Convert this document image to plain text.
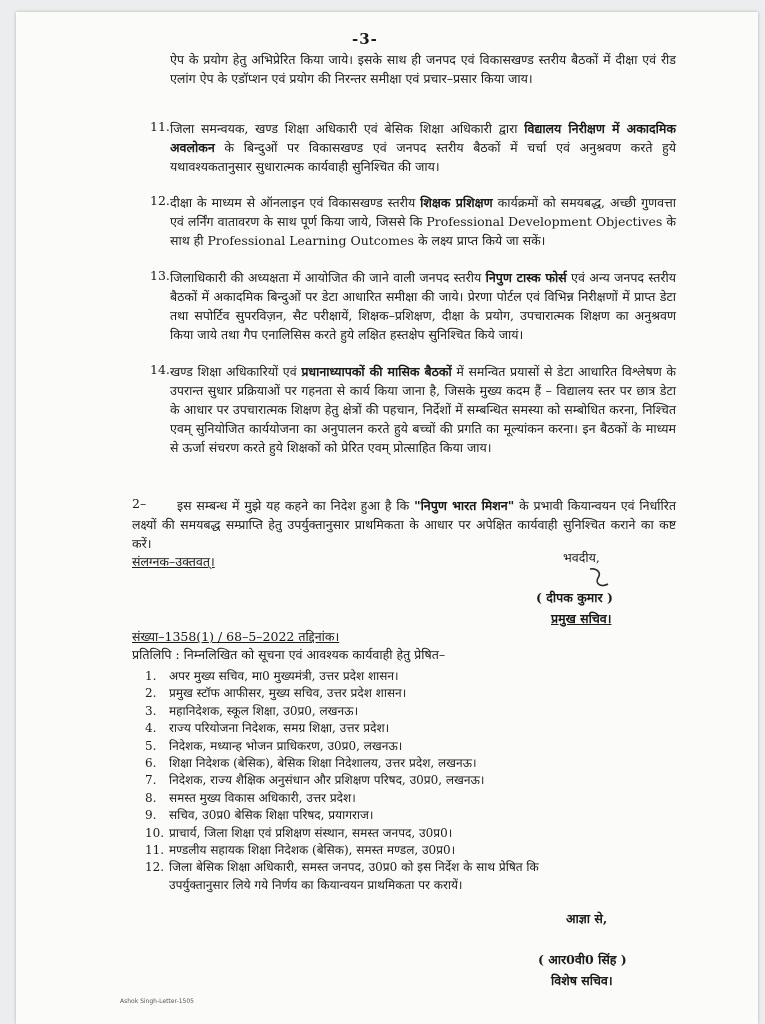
-3-
ऐप के प्रयोग हेतु अभिप्रेरित किया जाये। इसके साथ ही जनपद एवं विकासखण्ड स्तरीय बैठकों में दीक्षा एवं रीड एलांग ऐप के एडॉप्शन एवं प्रयोग की निरन्तर समीक्षा एवं प्रचार–प्रसार किया जाय।
11. जिला समन्वयक, खण्ड शिक्षा अधिकारी एवं बेसिक शिक्षा अधिकारी द्वारा विद्यालय निरीक्षण में अकादमिक अवलोकन के बिन्दुओं पर विकासखण्ड एवं जनपद स्तरीय बैठकों में चर्चा एवं अनुश्रवण करते हुये यथावश्यकतानुसार सुधारात्मक कार्यवाही सुनिश्चित की जाय।
12. दीक्षा के माध्यम से ऑनलाइन एवं विकासखण्ड स्तरीय शिक्षक प्रशिक्षण कार्यक्रमों को समयबद्ध, अच्छी गुणवत्ता एवं लर्निंग वातावरण के साथ पूर्ण किया जाये, जिससे कि Professional Development Objectives के साथ ही Professional Learning Outcomes के लक्ष्य प्राप्त किये जा सकें।
13. जिलाधिकारी की अध्यक्षता में आयोजित की जाने वाली जनपद स्तरीय निपुण टास्क फोर्स एवं अन्य जनपद स्तरीय बैठकों में अकादमिक बिन्दुओं पर डेटा आधारित समीक्षा की जाये। प्रेरणा पोर्टल एवं विभिन्न निरीक्षणों में प्राप्त डेटा तथा सपोर्टिव सुपरविज़न, सैट परीक्षायें, शिक्षक–प्रशिक्षण, दीक्षा के प्रयोग, उपचारात्मक शिक्षण का अनुश्रवण किया जाये तथा गैप एनालिसिस करते हुये लक्षित हस्तक्षेप सुनिश्चित किये जायं।
14. खण्ड शिक्षा अधिकारियों एवं प्रधानाध्यापकों की मासिक बैठकों में समन्वित प्रयासों से डेटा आधारित विश्लेषण के उपरान्त सुधार प्रक्रियाओं पर गहनता से कार्य किया जाना है, जिसके मुख्य कदम हैं – विद्यालय स्तर पर छात्र डेटा के आधार पर उपचारात्मक शिक्षण हेतु क्षेत्रों की पहचान, निर्देशों में सम्बन्धित समस्या को सम्बोधित करना, निश्चित एवम् सुनियोजित कार्ययोजना का अनुपालन करते हुये बच्चों की प्रगति का मूल्यांकन करना। इन बैठकों के माध्यम से ऊर्जा संचरण करते हुये शिक्षकों को प्रेरित एवम् प्रोत्साहित किया जाय।
2–	इस सम्बन्ध में मुझे यह कहने का निदेश हुआ है कि "निपुण भारत मिशन" के प्रभावी कियान्वयन एवं निर्धारित लक्ष्यों की समयबद्ध सम्प्राप्ति हेतु उपर्युक्तानुसार प्राथमिकता के आधार पर अपेक्षित कार्यवाही सुनिश्चित कराने का कष्ट करें।
संलग्नक–उक्तवत्।	भवदीय,
( दीपक कुमार )
प्रमुख सचिव।
संख्या–1358(1) / 68–5–2022 तद्दिनांक।
प्रतिलिपि : निम्नलिखित को सूचना एवं आवश्यक कार्यवाही हेतु प्रेषित–
1. अपर मुख्य सचिव, मा0 मुख्यमंत्री, उत्तर प्रदेश शासन।
2. प्रमुख स्टॉफ आफीसर, मुख्य सचिव, उत्तर प्रदेश शासन।
3. महानिदेशक, स्कूल शिक्षा, उ0प्र0, लखनऊ।
4. राज्य परियोजना निदेशक, समग्र शिक्षा, उत्तर प्रदेश।
5. निदेशक, मध्यान्ह भोजन प्राधिकरण, उ0प्र0, लखनऊ।
6. शिक्षा निदेशक (बेसिक), बेसिक शिक्षा निदेशालय, उत्तर प्रदेश, लखनऊ।
7. निदेशक, राज्य शैक्षिक अनुसंधान और प्रशिक्षण परिषद, उ0प्र0, लखनऊ।
8. समस्त मुख्य विकास अधिकारी, उत्तर प्रदेश।
9. सचिव, उ0प्र0 बेसिक शिक्षा परिषद, प्रयागराज।
10. प्राचार्य, जिला शिक्षा एवं प्रशिक्षण संस्थान, समस्त जनपद, उ0प्र0।
11. मण्डलीय सहायक शिक्षा निदेशक (बेसिक), समस्त मण्डल, उ0प्र0।
12. जिला बेसिक शिक्षा अधिकारी, समस्त जनपद, उ0प्र0 को इस निर्देश के साथ प्रेषित कि
उपर्युक्तानुसार लिये गये निर्णय का कियान्वयन प्राथमिकता पर करायें।
आज्ञा से,
( आर0वी0 सिंह )
विशेष सचिव।
Ashok Singh-Letter-1505
